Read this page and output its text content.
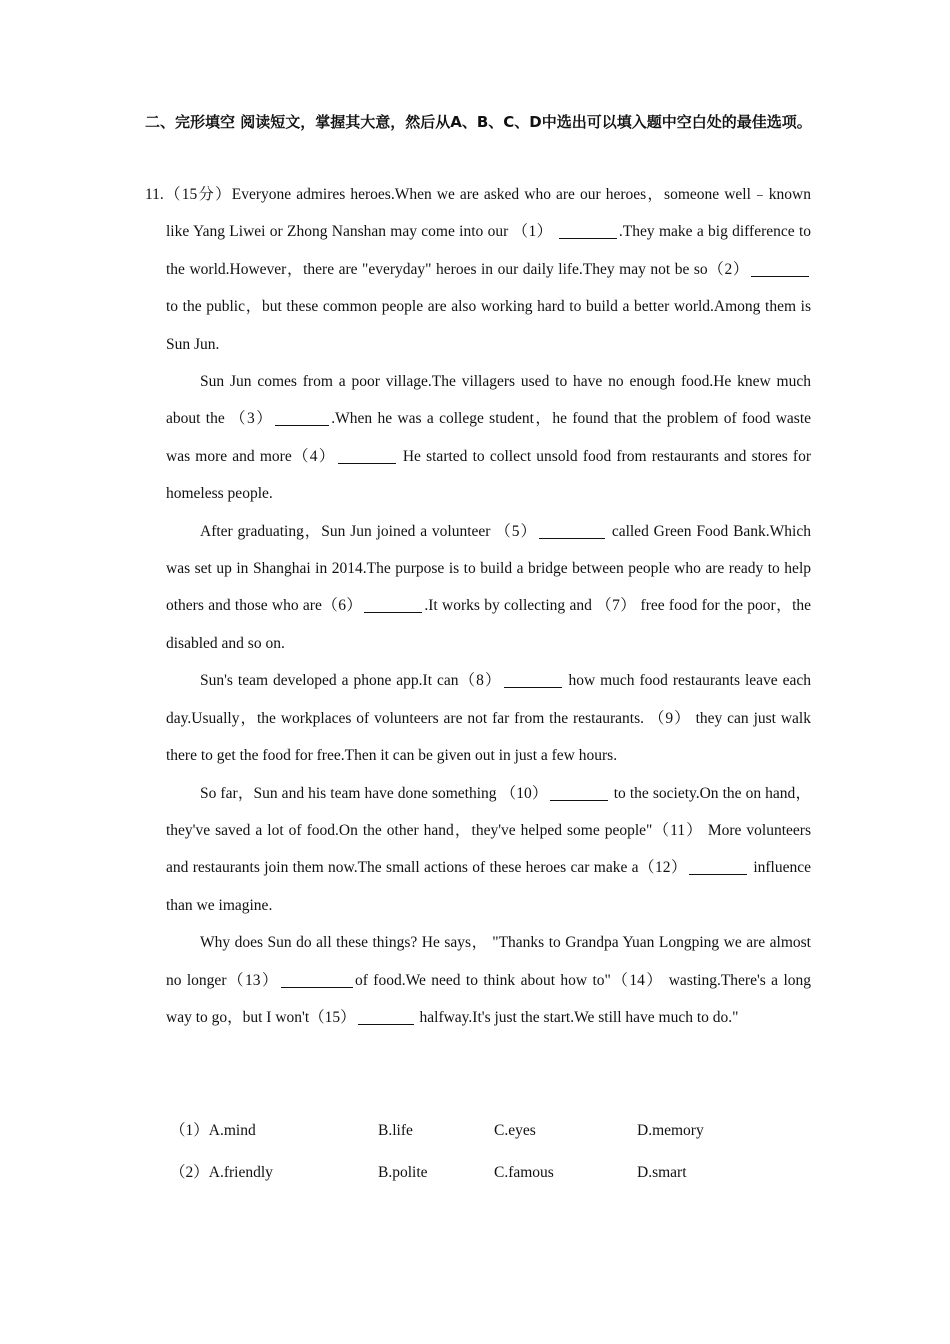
二、完形填空 阅读短文，掌握其大意，然后从A、B、C、D中选出可以填入题中空白处的最佳选项。

11.（15分）Everyone admires heroes.When we are asked who are our heroes，someone well﹣known like Yang Liwei or Zhong Nanshan may come into our （1）	.They make a big difference to the world.However，there are "everyday" heroes in our daily life.They may not be so（2） to the public，but these common people are also working hard to build a better world.Among them is Sun Jun.

Sun Jun comes from a poor village.The villagers used to have no enough food.He knew much about the （3）	.When he was a college student，he found that the problem of food waste was more and more（4）	He started to collect unsold food from restaurants and stores for homeless people.

After graduating，Sun Jun joined a volunteer （5）	called Green Food Bank.Which was set up in Shanghai in 2014.The purpose is to build a bridge between people who are ready to help others and those who are（6）	.It works by collecting and （7） free food for the poor，the disabled and so on.

Sun's team developed a phone app.It can（8）	how much food restaurants leave each day.Usually，the workplaces of volunteers are not far from the restaurants. （9） they can just walk there to get the food for free.Then it can be given out in just a few hours.

So far，Sun and his team have done something （10）	to the society.On the on hand，they've saved a lot of food.On the other hand，they've helped some people"（11） More volunteers and restaurants join them now.The small actions of these heroes car make a（12）	influence than we imagine.

Why does Sun do all these things? He says， "Thanks to Grandpa Yuan Longping we are almost no longer（13）	of food.We need to think about how to"（14） wasting.There's a long way to go，but I won't（15）	halfway.It's just the start.We still have much to do."

（1）A.mind	B.life	C.eyes	D.memory
（2）A.friendly	B.polite	C.famous	D.smart
